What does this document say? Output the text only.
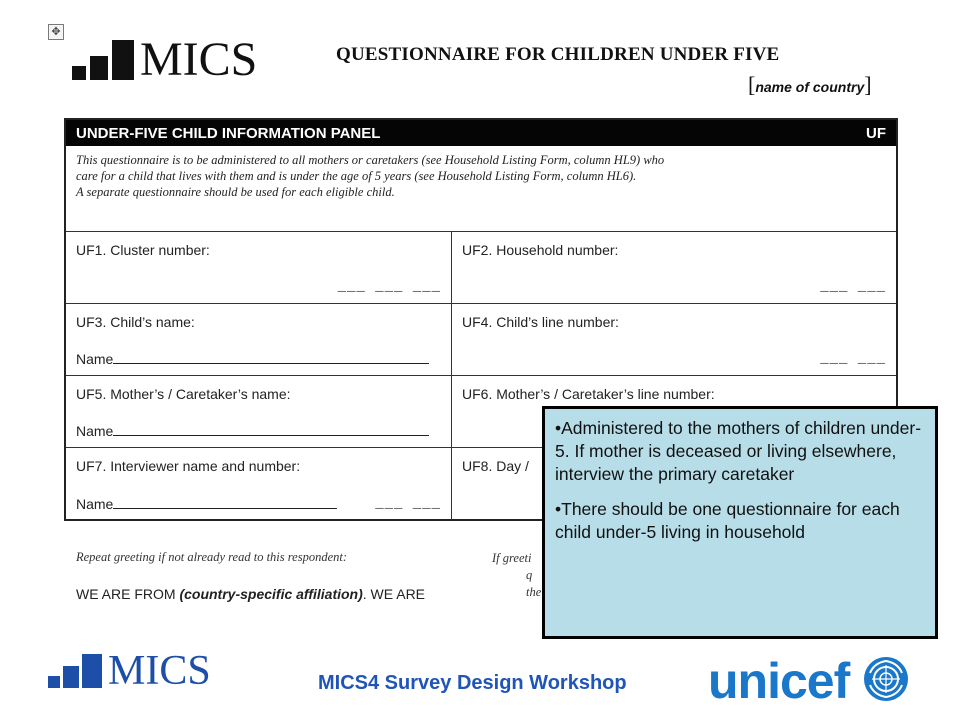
✥
MICS	QUESTIONNAIRE FOR CHILDREN UNDER FIVE
[name of country]
UNDER-FIVE CHILD INFORMATION PANEL	UF
This questionnaire is to be administered to all mothers or caretakers (see Household Listing Form, column HL9) who
care for a child that lives with them and is under the age of 5 years (see Household Listing Form, column HL6).
A separate questionnaire should be used for each eligible child.
UF1. Cluster number:
___ ___ ___
UF2. Household number:
___ ___
UF3. Child’s name:
Name
UF4. Child’s line number:
___ ___
UF5. Mother’s / Caretaker’s name:
Name
UF6. Mother’s / Caretaker’s line number:
UF7. Interviewer name and number:
Name	___ ___
UF8. Day /
Repeat greeting if not already read to this respondent:
WE ARE FROM (country-specific affiliation). WE ARE
If greeti
q
the

•Administered to the mothers of children under-5. If mother is deceased or living elsewhere, interview the primary caretaker

•There should be one questionnaire for each child under-5 living in household

MICS	MICS4 Survey Design Workshop unicef
